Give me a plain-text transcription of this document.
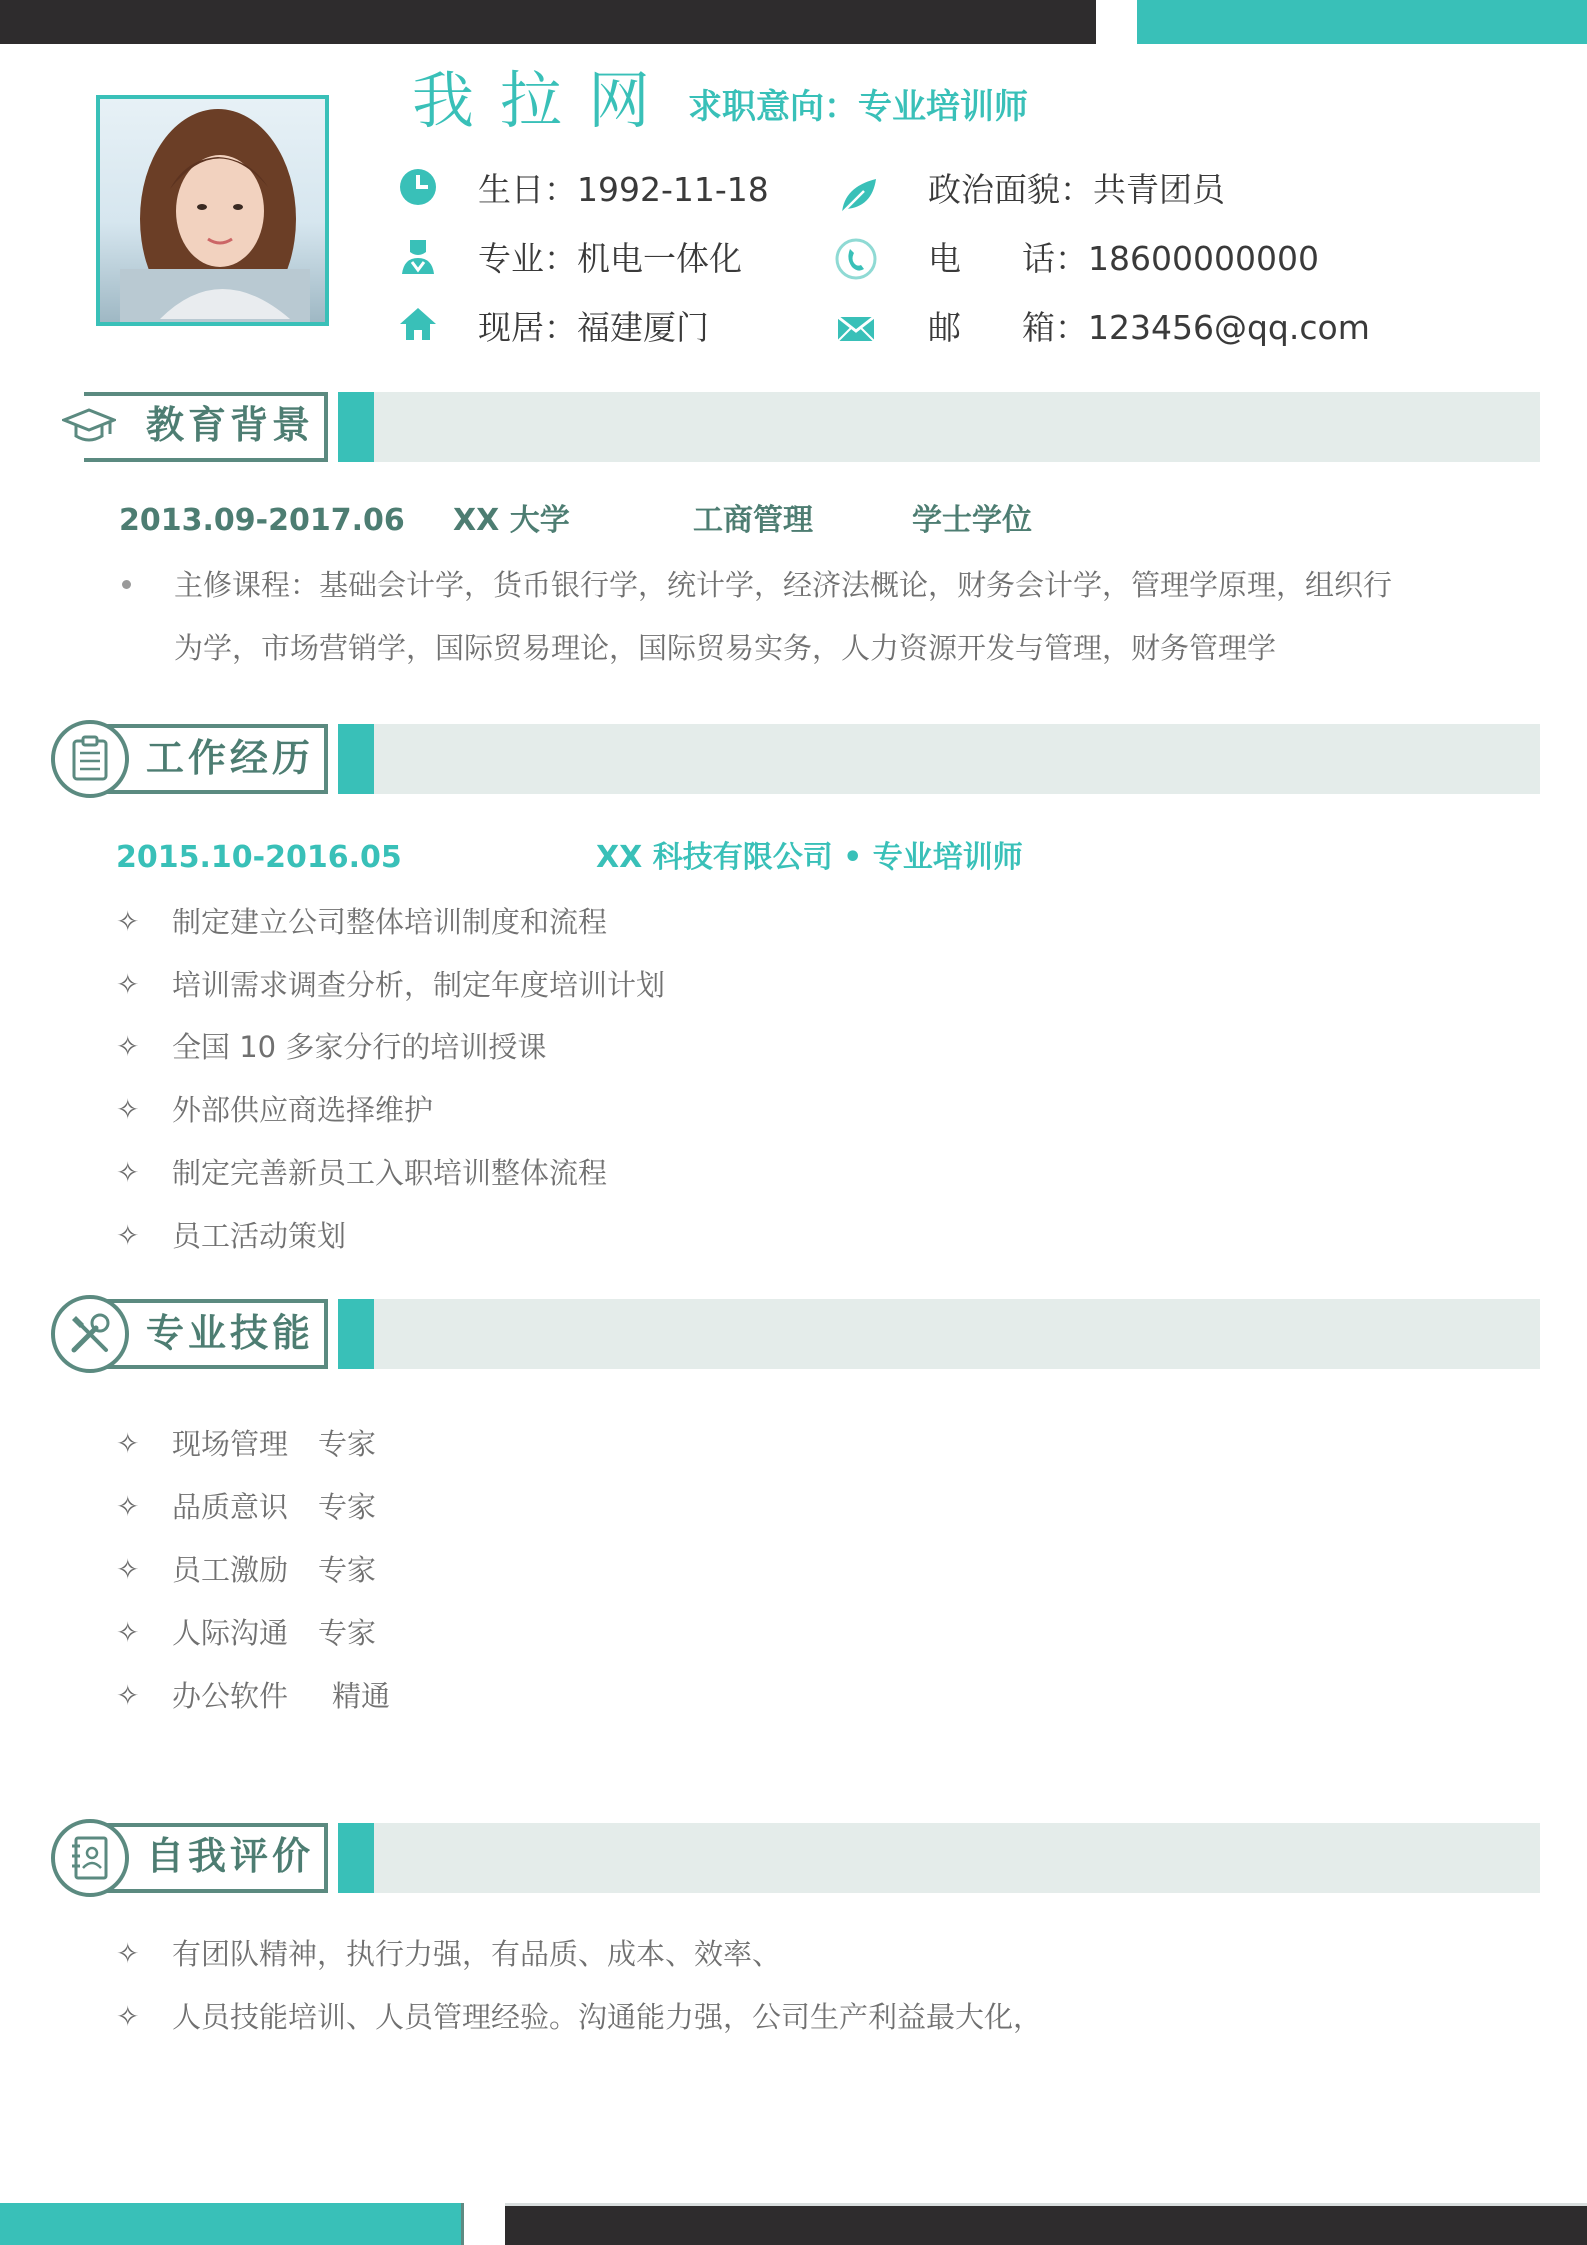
我拉网 求职意向：专业培训师
生日：1992-11-18
专业：机电一体化
现居：福建厦门
政治面貌：共青团员
电 话：18600000000
邮 箱：123456@qq.com
教育背景
2013.09-2017.06 XX 大学	工商管理	学士学位
主修课程：基础会计学，货币银行学，统计学，经济法概论，财务会计学，管理学原理，组织行
为学，市场营销学，国际贸易理论，国际贸易实务，人力资源开发与管理，财务管理学
工作经历
2015.10-2016.05	XX 科技有限公司 • 专业培训师
✧ 制定建立公司整体培训制度和流程
✧ 培训需求调查分析，制定年度培训计划
✧ 全国 10 多家分行的培训授课
✧ 外部供应商选择维护
✧ 制定完善新员工入职培训整体流程
✧ 员工活动策划
专业技能
✧ 现场管理 专家
✧ 品质意识 专家
✧ 员工激励 专家
✧ 人际沟通 专家
✧ 办公软件 精通
自我评价
✧ 有团队精神，执行力强，有品质、成本、效率、
✧ 人员技能培训、人员管理经验。沟通能力强，公司生产利益最大化，
